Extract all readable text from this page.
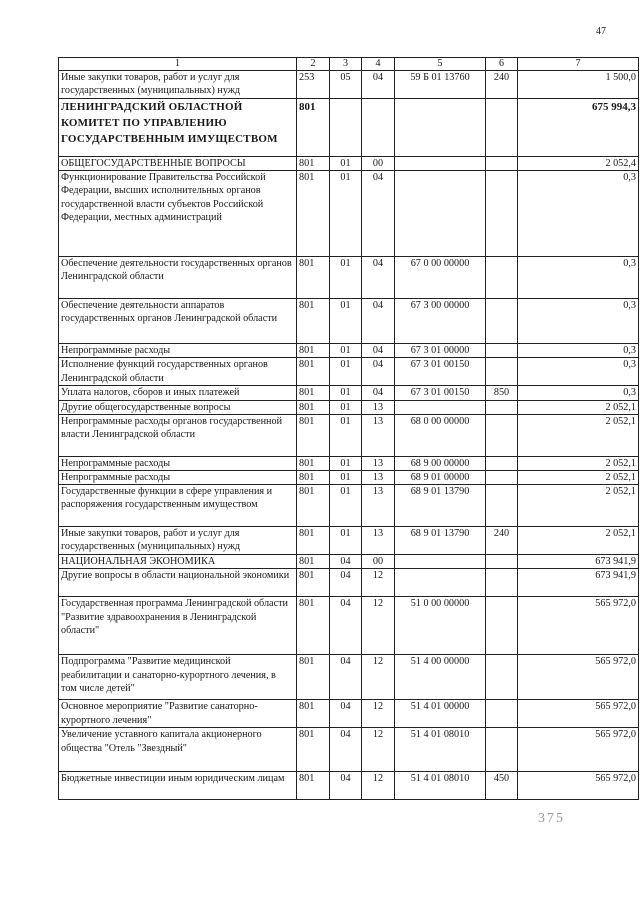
47
1	2	3	4	5	6	7
Иные закупки товаров, работ и услуг для государственных (муниципальных) нужд	253	05	04	59 Б 01 13760	240	1 500,0
ЛЕНИНГРАДСКИЙ ОБЛАСТНОЙ КОМИТЕТ ПО УПРАВЛЕНИЮ ГОСУДАРСТВЕННЫМ ИМУЩЕСТВОМ	801					675 994,3
ОБЩЕГОСУДАРСТВЕННЫЕ ВОПРОСЫ	801	01	00			2 052,4
Функционирование Правительства Российской Федерации, высших исполнительных органов государственной власти субъектов Российской Федерации, местных администраций	801	01	04			0,3
Обеспечение деятельности государственных органов Ленинградской области	801	01	04	67 0 00 00000		0,3
Обеспечение деятельности аппаратов государственных органов Ленинградской области	801	01	04	67 3 00 00000		0,3
Непрограммные расходы	801	01	04	67 3 01 00000		0,3
Исполнение функций государственных органов Ленинградской области	801	01	04	67 3 01 00150		0,3
Уплата налогов, сборов и иных платежей	801	01	04	67 3 01 00150	850	0,3
Другие общегосударственные вопросы	801	01	13			2 052,1
Непрограммные расходы органов государственной власти Ленинградской области	801	01	13	68 0 00 00000		2 052,1
Непрограммные расходы	801	01	13	68 9 00 00000		2 052,1
Непрограммные расходы	801	01	13	68 9 01 00000		2 052,1
Государственные функции в сфере управления и распоряжения государственным имуществом	801	01	13	68 9 01 13790		2 052,1
Иные закупки товаров, работ и услуг для государственных (муниципальных) нужд	801	01	13	68 9 01 13790	240	2 052,1
НАЦИОНАЛЬНАЯ ЭКОНОМИКА	801	04	00			673 941,9
Другие вопросы в области национальной экономики	801	04	12			673 941,9
Государственная программа Ленинградской области "Развитие здравоохранения в Ленинградской области"	801	04	12	51 0 00 00000		565 972,0
Подпрограмма "Развитие медицинской реабилитации и санаторно-курортного лечения, в том числе детей"	801	04	12	51 4 00 00000		565 972,0
Основное мероприятие "Развитие санаторно-курортного лечения"	801	04	12	51 4 01 00000		565 972,0
Увеличение уставного капитала акционерного общества "Отель "Звездный"	801	04	12	51 4 01 08010		565 972,0
Бюджетные инвестиции иным юридическим лицам	801	04	12	51 4 01 08010	450	565 972,0
375
